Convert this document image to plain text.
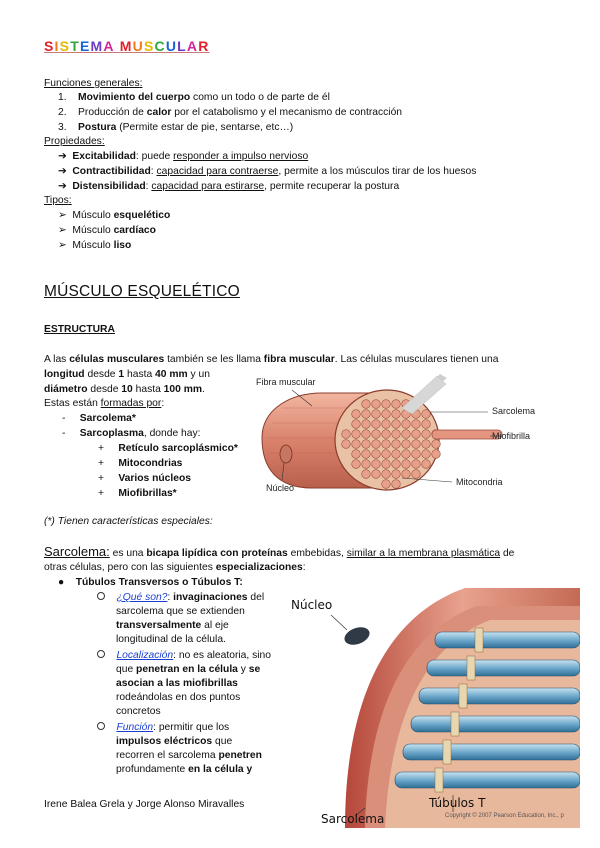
SISTEMA MUSCULAR
Funciones generales:
1. Movimiento del cuerpo como un todo o de parte de él
2. Producción de calor por el catabolismo y el mecanismo de contracción
3. Postura (Permite estar de pie, sentarse, etc…)
Propiedades:
➔ Excitabilidad: puede responder a impulso nervioso
➔ Contractibilidad: capacidad para contraerse, permite a los músculos tirar de los huesos
➔ Distensibilidad: capacidad para estirarse, permite recuperar la postura
Tipos:
➢ Músculo esquelético
➢ Músculo cardíaco
➢ Músculo liso
MÚSCULO ESQUELÉTICO
ESTRUCTURA
A las células musculares también se les llama fibra muscular. Las células musculares tienen una
longitud desde 1 hasta 40 mm y un
diámetro desde 10 hasta 100 mm.
Estas están formadas por:
-     Sarcolema*
-     Sarcoplasma, donde hay:
+     Retículo sarcoplásmico*
+     Mitocondrias
+     Varios núcleos
+     Miofibrillas*
(*) Tienen características especiales:
Fibra muscular
Sarcolema
Miofibrilla
Mitocondria
Núcleo
Sarcolema: es una bicapa lipídica con proteínas embebidas, similar a la membrana plasmática de
otras células, pero con las siguientes especializaciones:
● Túbulos Transversos o Túbulos T:
¿Qué son?: invaginaciones del
sarcolema que se extienden
transversalmente al eje
longitudinal de la célula.
Localización: no es aleatoria, sino
que penetran en la célula y se
asocian a las miofibrillas
rodeándolas en dos puntos
concretos
Función: permitir que los
impulsos eléctricos que
recorren el sarcolema penetren
profundamente en la célula y
Irene Balea Grela y Jorge Alonso Miravalles
Núcleo
Túbulos T
Sarcolema	Copyright © 2007 Pearson Education, Inc., p
